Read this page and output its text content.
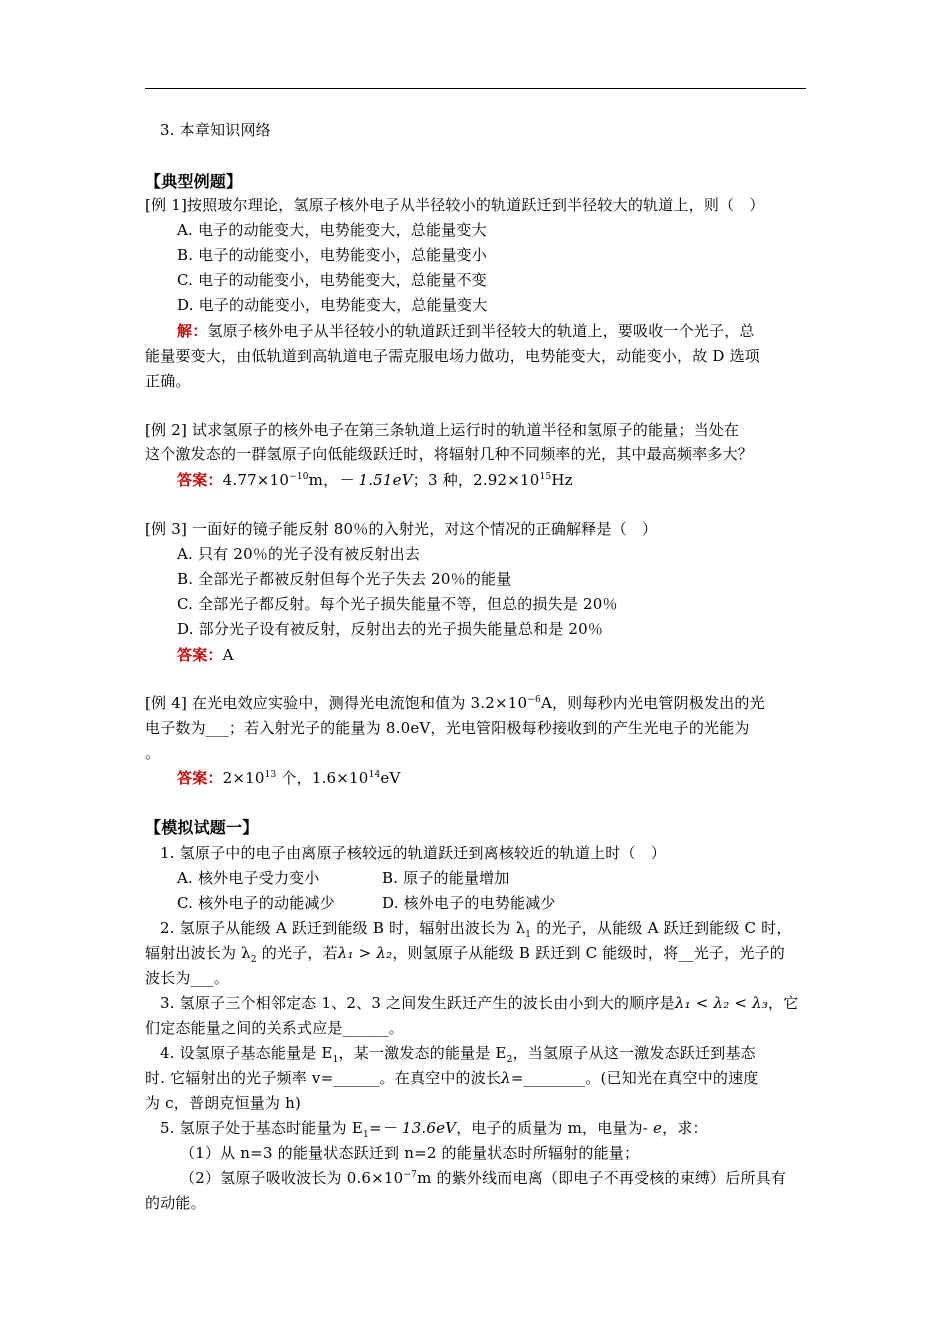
3. 本章知识网络
【典型例题】
[例 1]按照玻尔理论，氢原子核外电子从半径较小的轨道跃迁到半径较大的轨道上，则（　）
A. 电子的动能变大，电势能变大，总能量变大
B. 电子的动能变小，电势能变小，总能量变小
C. 电子的动能变小，电势能变大，总能量不变
D. 电子的动能变小，电势能变大，总能量变大
解：氢原子核外电子从半径较小的轨道跃迁到半径较大的轨道上，要吸收一个光子，总
能量要变大，由低轨道到高轨道电子需克服电场力做功，电势能变大，动能变小，故 D 选项
正确。
[例 2] 试求氢原子的核外电子在第三条轨道上运行时的轨道半径和氢原子的能量；当处在
这个激发态的一群氢原子向低能级跃迁时，将辐射几种不同频率的光，其中最高频率多大？
答案：$4.77\times 10^{-10}m$，－ 1.51eV；3 种，$2.92\times 10^{15}Hz$
[例 3] 一面好的镜子能反射 80％的入射光，对这个情况的正确解释是（　）
A. 只有 20％的光子没有被反射出去
B. 全部光子都被反射但每个光子失去 20％的能量
C. 全部光子都反射。每个光子损失能量不等，但总的损失是 20％
D. 部分光子设有被反射，反射出去的光子损失能量总和是 20％
答案：A
[例 4] 在光电效应实验中，测得光电流饱和值为 $3.2\times 10^{-6}A$，则每秒内光电管阴极发出的光
电子数为___；若入射光子的能量为 8.0eV，光电管阳极每秒接收到的产生光电子的光能为
。
答案：$2\times 10^{13}$ 个，$1.6\times 10^{14}eV$
【模拟试题一】
1. 氢原子中的电子由离原子核较远的轨道跃迁到离核较近的轨道上时（　）
A. 核外电子受力变小	B. 原子的能量增加
C. 核外电子的动能减少	D. 核外电子的电势能减少
2. 氢原子从能级 A 跃迁到能级 B 时，辐射出波长为 $\lambda_1$ 的光子，从能级 A 跃迁到能级 C 时，
辐射出波长为 $\lambda_2$ 的光子，若λ₁ > λ₂，则氢原子从能级 B 跃迁到 C 能级时，将__光子，光子的
波长为___。
3. 氢原子三个相邻定态 1、2、3 之间发生跃迁产生的波长由小到大的顺序是λ₁ < λ₂ < λ₃，它
们定态能量之间的关系式应是______。
4. 设氢原子基态能量是 $E_1$，某一激发态的能量是 $E_2$，当氢原子从这一激发态跃迁到基态
时. 它辐射出的光子频率 v=______。在真空中的波长λ=________。(已知光在真空中的速度
为 c，普朗克恒量为 h)
5. 氢原子处于基态时能量为 $E_1=- 13.6eV$，电子的质量为 m，电量为- e，求：
（1）从 n=3 的能量状态跃迁到 n=2 的能量状态时所辐射的能量；
（2）氢原子吸收波长为 $0.6\times 10^{-7}m$ 的紫外线而电离（即电子不再受核的束缚）后所具有
的动能。
